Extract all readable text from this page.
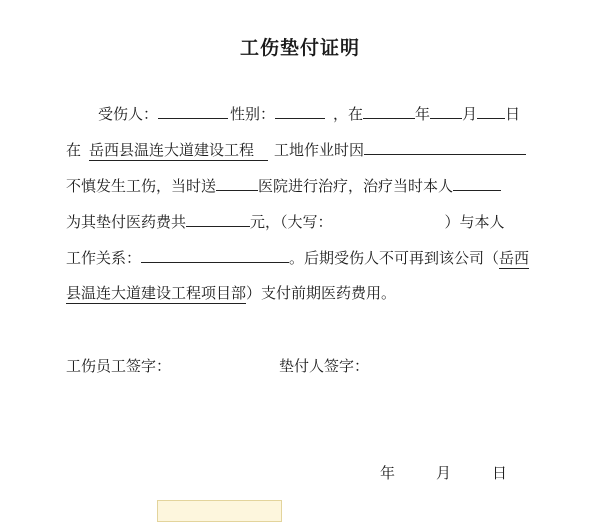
工伤垫付证明
受伤人：	性别：	，在	年 月 日
在 岳西县温连大道建设工程 工地作业时因
不慎发生工伤，当时送	医院进行治疗，治疗当时本人
为其垫付医药费共	元，（大写：	）与本人
工作关系：	。后期受伤人不可再到该公司（岳西
县温连大道建设工程项目部）支付前期医药费用。
工伤员工签字：	垫付人签字：
年	月	日
